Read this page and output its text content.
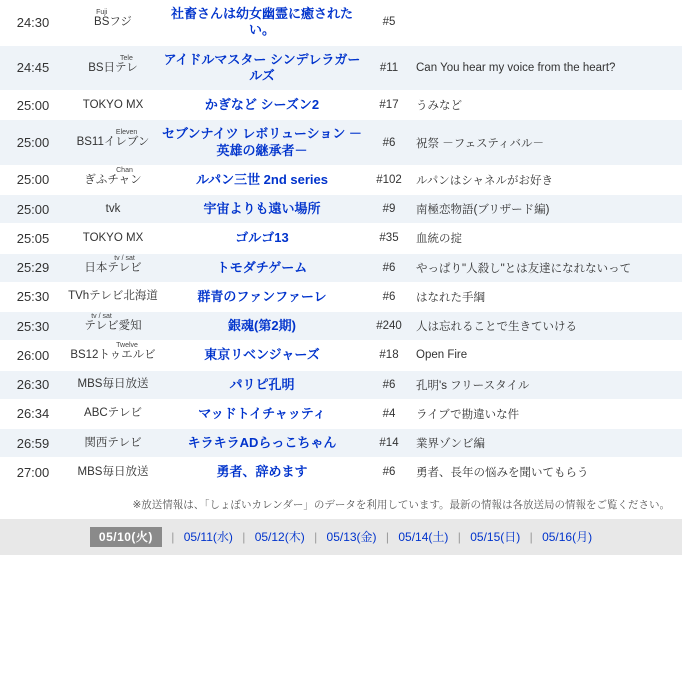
24:30	BSFujiフジ	社畜さんは幼女幽霊に癒されたい。	#5	
24:45	BS日テレTele	アイドルマスター シンデレラガールズ	#11	Can You hear my voice from the heart?
25:00	TOKYO MX	かぎなど シーズン2	#17	うみなど
25:00	BS11イレブンEleven	セブンナイツ レボリューション －英雄の継承者－	#6	祝祭 －フェスティバル－
25:00	ぎふチャンChan	ルパン三世 2nd series	#102	ルパンはシャネルがお好き
25:00	tvk	宇宙よりも遠い場所	#9	南極恋物語(ブリザード編)
25:05	TOKYO MX	ゴルゴ13	#35	血統の掟
25:29	日本テレビtv / sat	トモダチゲーム	#6	やっぱり"人殺し"とは友達になれないって
25:30	TVhテレビ北海道	群青のファンファーレ	#6	はなれた手綱
25:30	テレビtv / sat愛知	銀魂(第2期)	#240	人は忘れることで生きていける
26:00	BS12トゥエルビTwelve	東京リベンジャーズ	#18	Open Fire
26:30	MBS毎日放送	パリピ孔明	#6	孔明's フリースタイル
26:34	ABCテレビ	マッドトイチャッティ	#4	ライブで勘違いな件
26:59	関西テレビ	キラキラADらっこちゃん	#14	業界ゾンビ編
27:00	MBS毎日放送	勇者、辞めます	#6	勇者、長年の悩みを聞いてもらう
※放送情報は、「しょぼいカレンダー」のデータを利用しています。最新の情報は各放送局の情報をご覧ください。
05/10(火) | 05/11(水) | 05/12(木) | 05/13(金) | 05/14(土) | 05/15(日) | 05/16(月)
